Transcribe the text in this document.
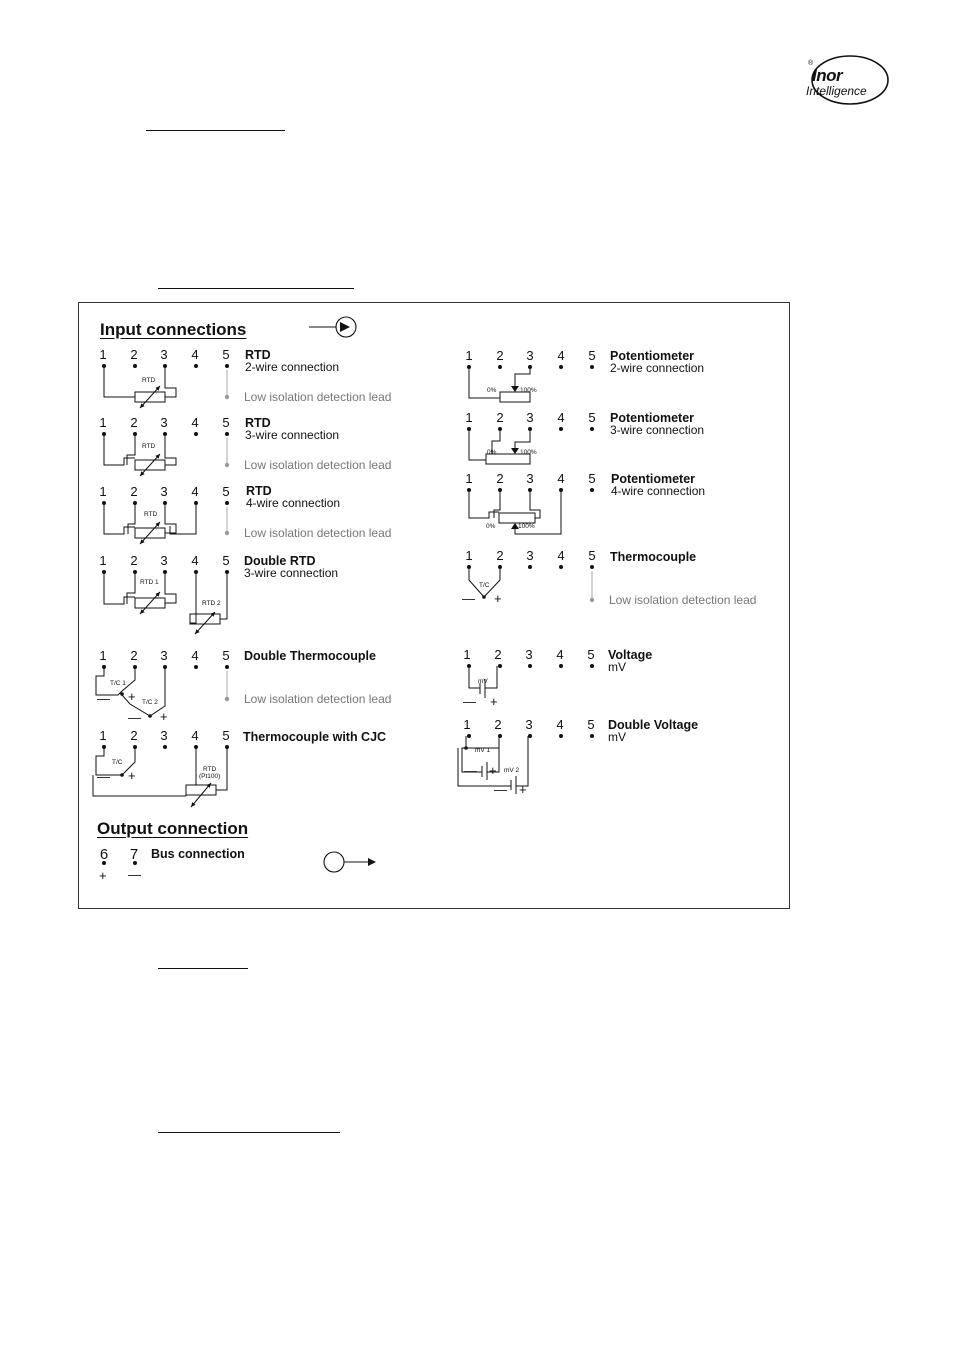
®
Inor
Intelligence
Input connections
Output connection
1 2 3 4 5 RTD
2-wire connection
Low isolation detection lead
RTD
1 2 3 4 5 RTD
3-wire connection
Low isolation detection lead
RTD
1 2 3 4 5 RTD
4-wire connection
Low isolation detection lead
RTD
1 2 3 4 5 Double RTD
3-wire connection
RTD 1
RTD 2
1 2 3 4 5 Double Thermocouple
Low isolation detection lead
T/C 1
T/C 2
— +
— +
1 2 3 4 5 Thermocouple with CJC
T/C
RTD
(Pt100)
— +
1 2 3 4 5 Potentiometer
2-wire connection
0%	100%
1 2 3 4 5 Potentiometer
3-wire connection
0%	100%
1 2 3 4 5 Potentiometer
4-wire connection
0%	100%
1 2 3 4 5 Thermocouple
Low isolation detection lead
T/C
— +
1 2 3 4 5 Voltage
mV
mV
— +
1 2 3 4 5 Double Voltage
mV
mV 1
mV 2
— +
— +
6 7 Bus connection
+ —
